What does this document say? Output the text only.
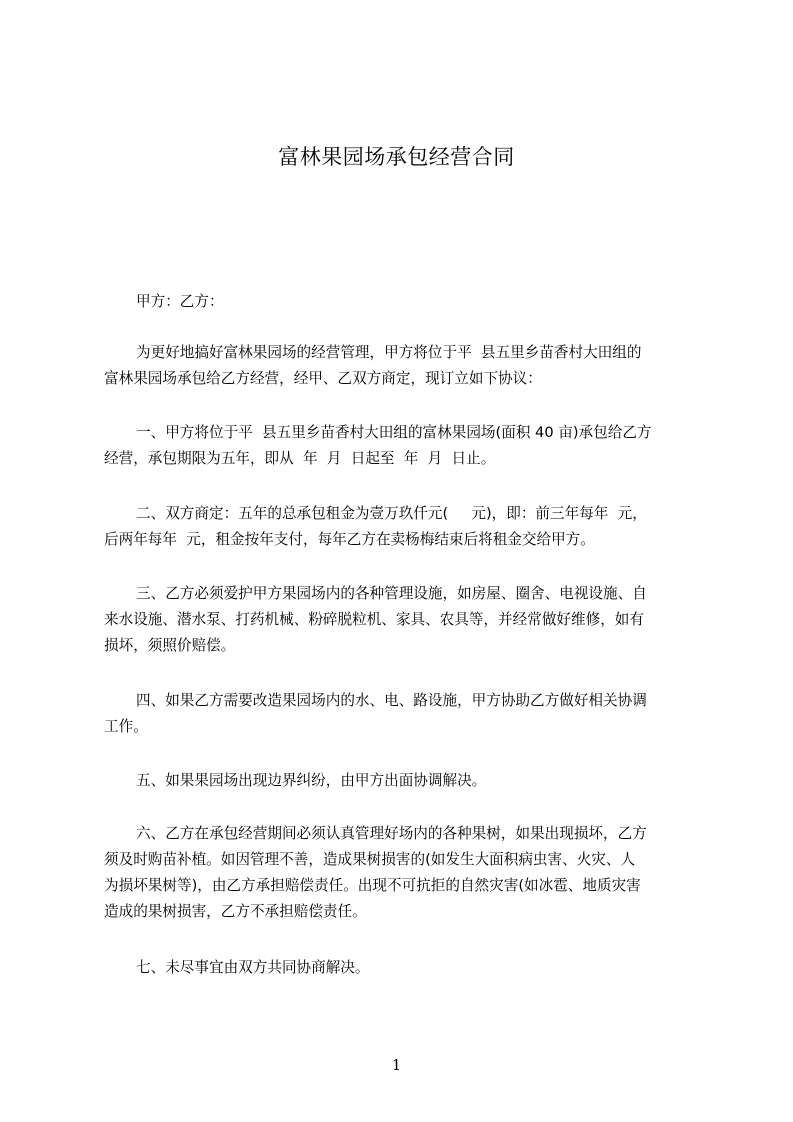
富林果园场承包经营合同
甲方：乙方：
为更好地搞好富林果园场的经营管理，甲方将位于平  县五里乡苗香村大田组的
富林果园场承包给乙方经营，经甲、乙双方商定，现订立如下协议：
一、甲方将位于平  县五里乡苗香村大田组的富林果园场(面积 40 亩)承包给乙方
经营，承包期限为五年，即从  年  月  日起至  年  月  日止。
二、双方商定：五年的总承包租金为壹万玖仟元(     元)，即：前三年每年  元，
后两年每年  元，租金按年支付，每年乙方在卖杨梅结束后将租金交给甲方。
三、乙方必须爱护甲方果园场内的各种管理设施，如房屋、圈舍、电视设施、自
来水设施、潜水泵、打药机械、粉碎脱粒机、家具、农具等，并经常做好维修，如有
损坏，须照价赔偿。
四、如果乙方需要改造果园场内的水、电、路设施，甲方协助乙方做好相关协调
工作。
五、如果果园场出现边界纠纷，由甲方出面协调解决。
六、乙方在承包经营期间必须认真管理好场内的各种果树，如果出现损坏，乙方
须及时购苗补植。如因管理不善，造成果树损害的(如发生大面积病虫害、火灾、人
为损坏果树等)，由乙方承担赔偿责任。出现不可抗拒的自然灾害(如冰雹、地质灾害
造成的果树损害，乙方不承担赔偿责任。
七、未尽事宜由双方共同协商解决。
1
